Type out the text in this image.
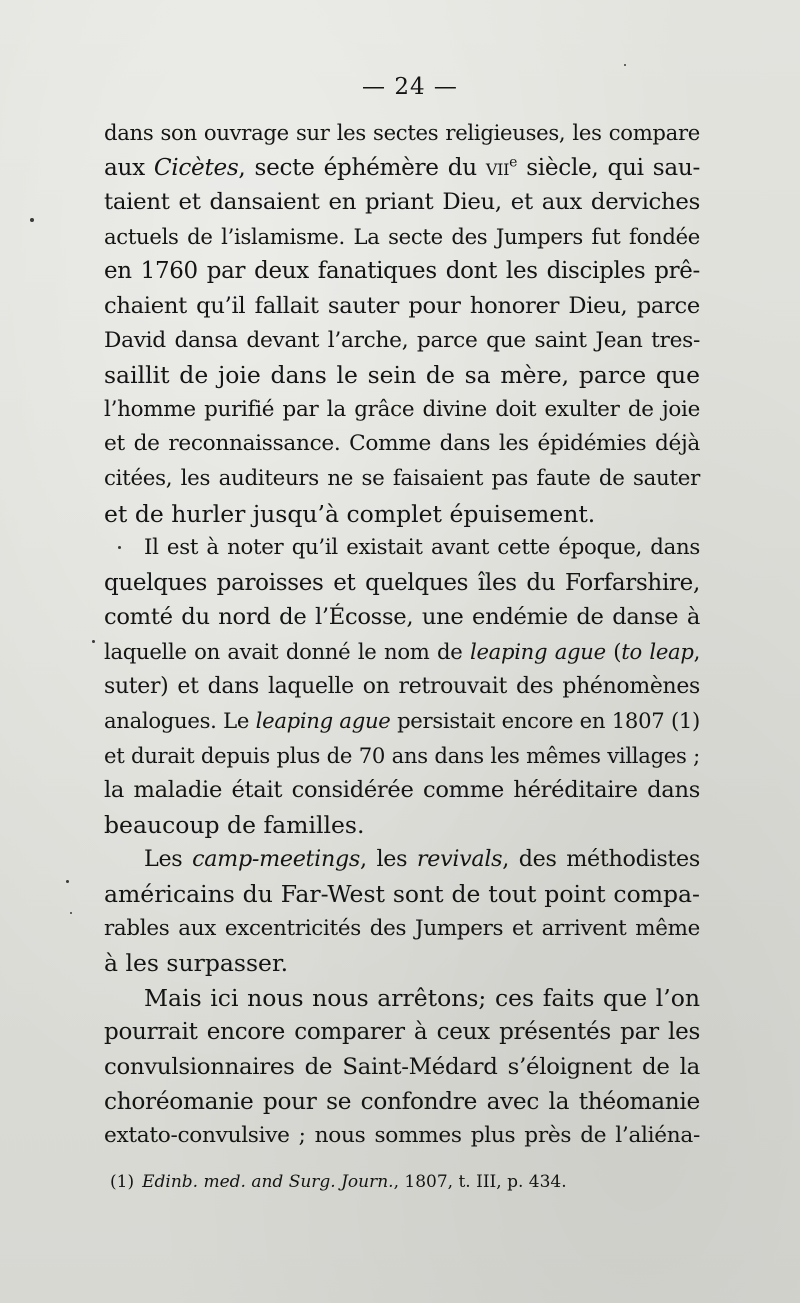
— 24 —
dans son ouvrage sur les sectes religieuses, les compare
aux Cicètes, secte éphémère du vii$^e$ siècle, qui sau-
taient et dansaient en priant Dieu, et aux derviches
actuels de l’islamisme. La secte des Jumpers fut fondée
en 1760 par deux fanatiques dont les disciples prê-
chaient qu’il fallait sauter pour honorer Dieu, parce
David dansa devant l’arche, parce que saint Jean tres-
saillit de joie dans le sein de sa mère, parce que
l’homme purifié par la grâce divine doit exulter de joie
et de reconnaissance. Comme dans les épidémies déjà
citées, les auditeurs ne se faisaient pas faute de sauter
et de hurler jusqu’à complet épuisement.
Il est à noter qu’il existait avant cette époque, dans
quelques paroisses et quelques îles du Forfarshire,
comté du nord de l’Écosse, une endémie de danse à
laquelle on avait donné le nom de leaping ague (to leap,
suter) et dans laquelle on retrouvait des phénomènes
analogues. Le leaping ague persistait encore en 1807 (1)
et durait depuis plus de 70 ans dans les mêmes villages ;
la maladie était considérée comme héréditaire dans
beaucoup de familles.
Les camp-meetings, les revivals, des méthodistes
américains du Far-West sont de tout point compa-
rables aux excentricités des Jumpers et arrivent même
à les surpasser.
Mais ici nous nous arrêtons; ces faits que l’on
pourrait encore comparer à ceux présentés par les
convulsionnaires de Saint-Médard s’éloignent de la
choréomanie pour se confondre avec la théomanie
extato-convulsive ; nous sommes plus près de l’aliéna-
(1) Edinb. med. and Surg. Journ., 1807, t. III, p. 434.
